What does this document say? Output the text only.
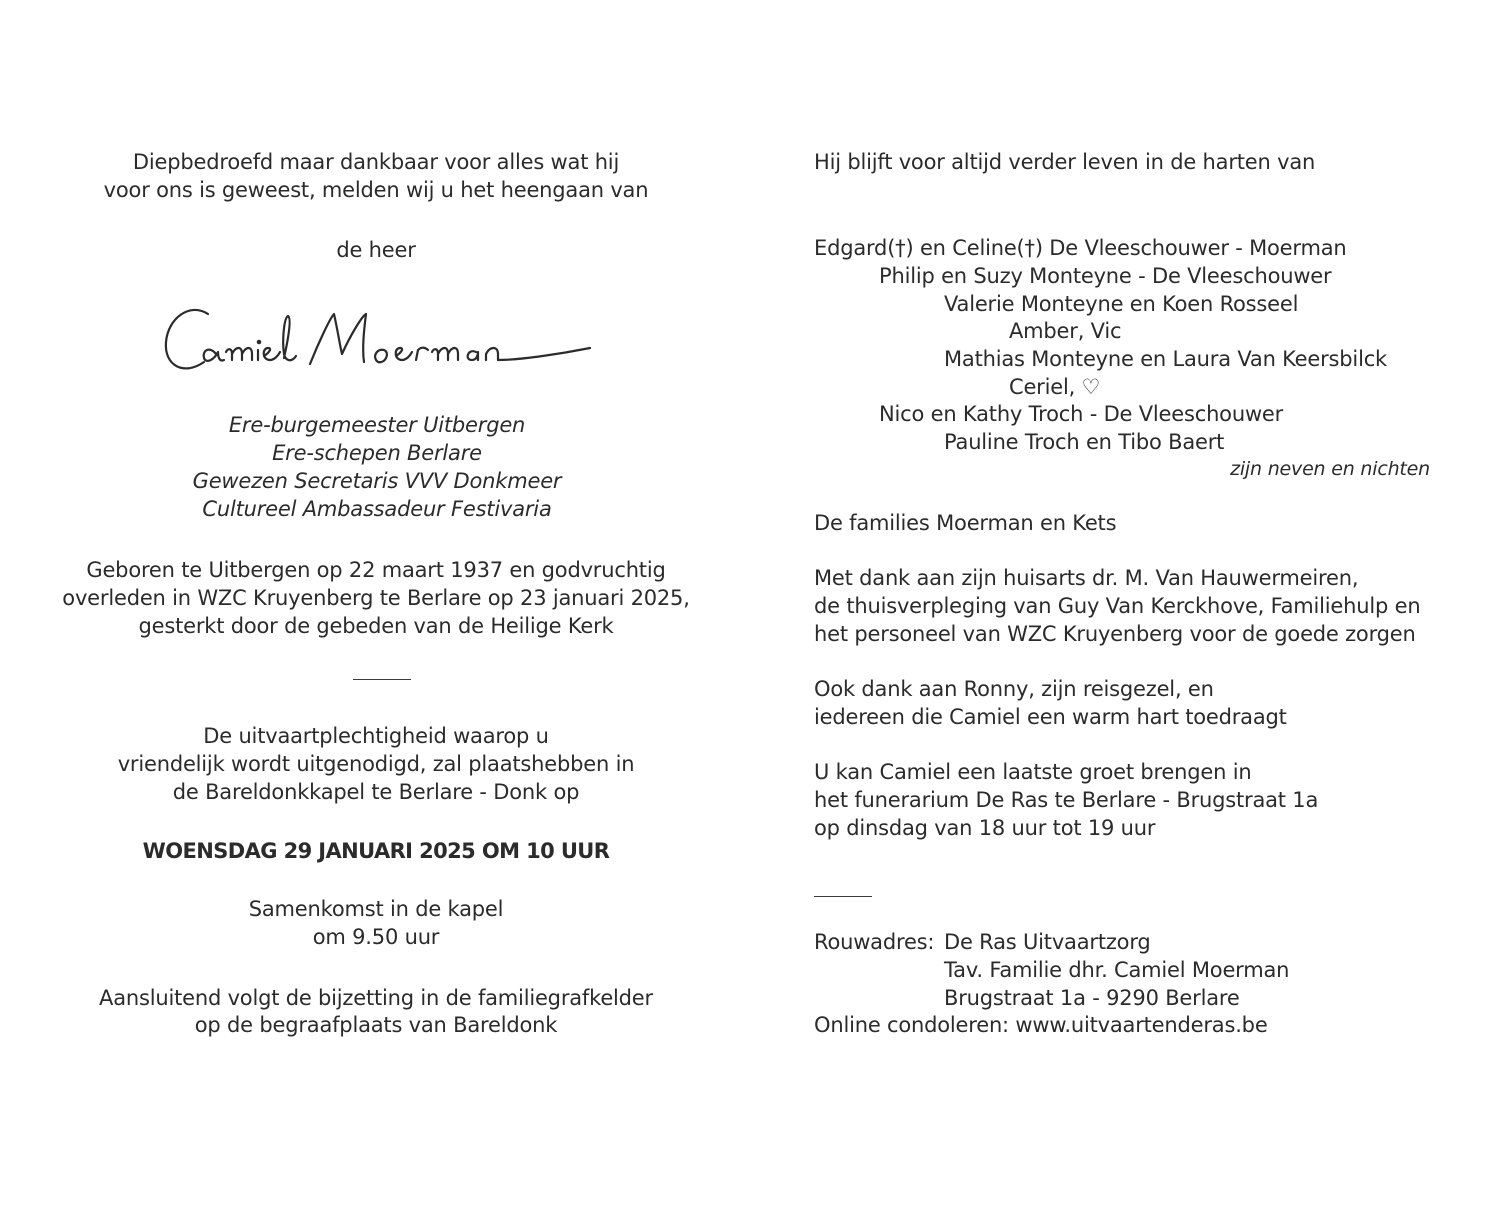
Diepbedroefd maar dankbaar voor alles wat hij
voor ons is geweest, melden wij u het heengaan van
de heer
Ere-burgemeester Uitbergen
Ere-schepen Berlare
Gewezen Secretaris VVV Donkmeer
Cultureel Ambassadeur Festivaria
Geboren te Uitbergen op 22 maart 1937 en godvruchtig
overleden in WZC Kruyenberg te Berlare op 23 januari 2025,
gesterkt door de gebeden van de Heilige Kerk
De uitvaartplechtigheid waarop u
vriendelijk wordt uitgenodigd, zal plaatshebben in
de Bareldonkkapel te Berlare - Donk op
WOENSDAG 29 JANUARI 2025 OM 10 UUR
Samenkomst in de kapel
om 9.50 uur
Aansluitend volgt de bijzetting in de familiegrafkelder
op de begraafplaats van Bareldonk
Hij blijft voor altijd verder leven in de harten van
Edgard(†) en Celine(†) De Vleeschouwer - Moerman
Philip en Suzy Monteyne - De Vleeschouwer
Valerie Monteyne en Koen Rosseel
Amber, Vic
Mathias Monteyne en Laura Van Keersbilck
Ceriel, ♡
Nico en Kathy Troch - De Vleeschouwer
Pauline Troch en Tibo Baert
zijn neven en nichten
De families Moerman en Kets
Met dank aan zijn huisarts dr. M. Van Hauwermeiren,
de thuisverpleging van Guy Van Kerckhove, Familiehulp en
het personeel van WZC Kruyenberg voor de goede zorgen
Ook dank aan Ronny, zijn reisgezel, en
iedereen die Camiel een warm hart toedraagt
U kan Camiel een laatste groet brengen in
het funerarium De Ras te Berlare - Brugstraat 1a
op dinsdag van 18 uur tot 19 uur
Rouwadres: De Ras Uitvaartzorg
Tav. Familie dhr. Camiel Moerman
Brugstraat 1a - 9290 Berlare
Online condoleren: www.uitvaartenderas.be
